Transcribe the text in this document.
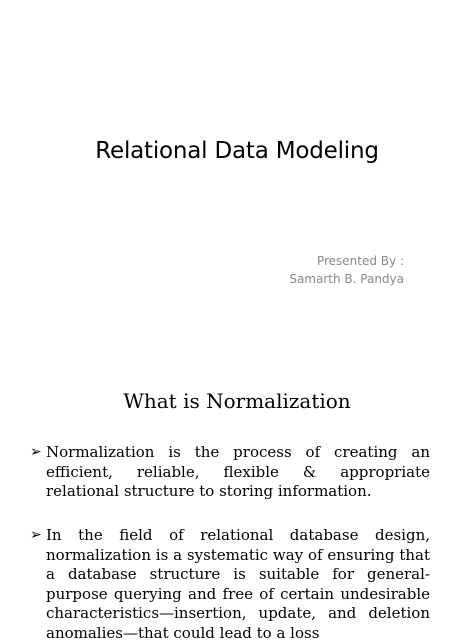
Relational Data Modeling
Presented By :
Samarth B. Pandya
What is Normalization
➢ Normalization is the process of creating an efficient, reliable, flexible & appropriate relational structure to storing information.
➢ In the field of relational database design, normalization is a systematic way of ensuring that a database structure is suitable for general-purpose querying and free of certain undesirable characteristics—insertion, update, and deletion anomalies—that could lead to a loss
